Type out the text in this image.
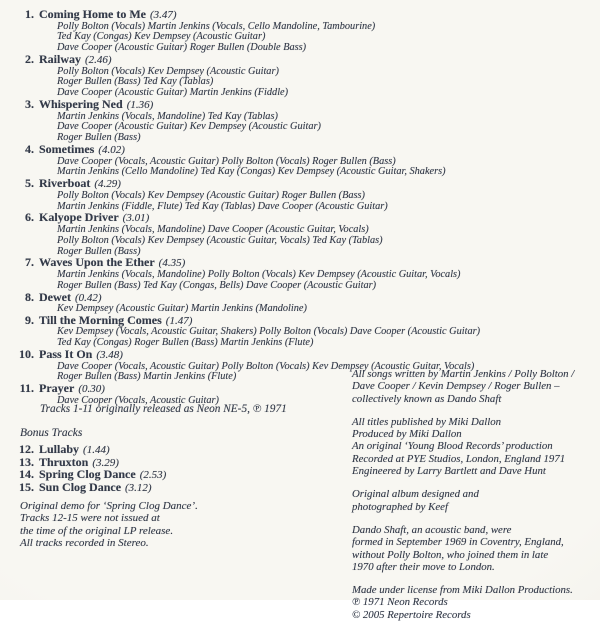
1. Coming Home to Me (3.47)
Polly Bolton (Vocals) Martin Jenkins (Vocals, Cello Mandoline, Tambourine)
Ted Kay (Congas) Kev Dempsey (Acoustic Guitar)
Dave Cooper (Acoustic Guitar) Roger Bullen (Double Bass)
2. Railway (2.46)
Polly Bolton (Vocals) Kev Dempsey (Acoustic Guitar)
Roger Bullen (Bass) Ted Kay (Tablas)
Dave Cooper (Acoustic Guitar) Martin Jenkins (Fiddle)
3. Whispering Ned (1.36)
Martin Jenkins (Vocals, Mandoline) Ted Kay (Tablas)
Dave Cooper (Acoustic Guitar) Kev Dempsey (Acoustic Guitar)
Roger Bullen (Bass)
4. Sometimes (4.02)
Dave Cooper (Vocals, Acoustic Guitar) Polly Bolton (Vocals) Roger Bullen (Bass)
Martin Jenkins (Cello Mandoline) Ted Kay (Congas) Kev Dempsey (Acoustic Guitar, Shakers)
5. Riverboat (4.29)
Polly Bolton (Vocals) Kev Dempsey (Acoustic Guitar) Roger Bullen (Bass)
Martin Jenkins (Fiddle, Flute) Ted Kay (Tablas) Dave Cooper (Acoustic Guitar)
6. Kalyope Driver (3.01)
Martin Jenkins (Vocals, Mandoline) Dave Cooper (Acoustic Guitar, Vocals)
Polly Bolton (Vocals) Kev Dempsey (Acoustic Guitar, Vocals) Ted Kay (Tablas)
Roger Bullen (Bass)
7. Waves Upon the Ether (4.35)
Martin Jenkins (Vocals, Mandoline) Polly Bolton (Vocals) Kev Dempsey (Acoustic Guitar, Vocals)
Roger Bullen (Bass) Ted Kay (Congas, Bells) Dave Cooper (Acoustic Guitar)
8. Dewet (0.42)
Kev Dempsey (Acoustic Guitar) Martin Jenkins (Mandoline)
9. Till the Morning Comes (1.47)
Kev Dempsey (Vocals, Acoustic Guitar, Shakers) Polly Bolton (Vocals) Dave Cooper (Acoustic Guitar)
Ted Kay (Congas) Roger Bullen (Bass) Martin Jenkins (Flute)
10. Pass It On (3.48)
Dave Cooper (Vocals, Acoustic Guitar) Polly Bolton (Vocals) Kev Dempsey (Acoustic Guitar, Vocals)
Roger Bullen (Bass) Martin Jenkins (Flute)
11. Prayer (0.30)
Dave Cooper (Vocals, Acoustic Guitar)
Tracks 1-11 originally released as Neon NE-5, ℗ 1971
Bonus Tracks
12. Lullaby (1.44)
13. Thruxton (3.29)
14. Spring Clog Dance (2.53)
15. Sun Clog Dance (3.12)
Original demo for ‘Spring Clog Dance’.
Tracks 12-15 were not issued at
the time of the original LP release.
All tracks recorded in Stereo.
All songs written by Martin Jenkins / Polly Bolton /
Dave Cooper / Kevin Dempsey / Roger Bullen –
collectively known as Dando Shaft
All titles published by Miki Dallon
Produced by Miki Dallon
An original ‘Young Blood Records’ production
Recorded at PYE Studios, London, England 1971
Engineered by Larry Bartlett and Dave Hunt
Original album designed and
photographed by Keef
Dando Shaft, an acoustic band, were
formed in September 1969 in Coventry, England,
without Polly Bolton, who joined them in late
1970 after their move to London.
Made under license from Miki Dallon Productions.
℗ 1971 Neon Records
© 2005 Repertoire Records
